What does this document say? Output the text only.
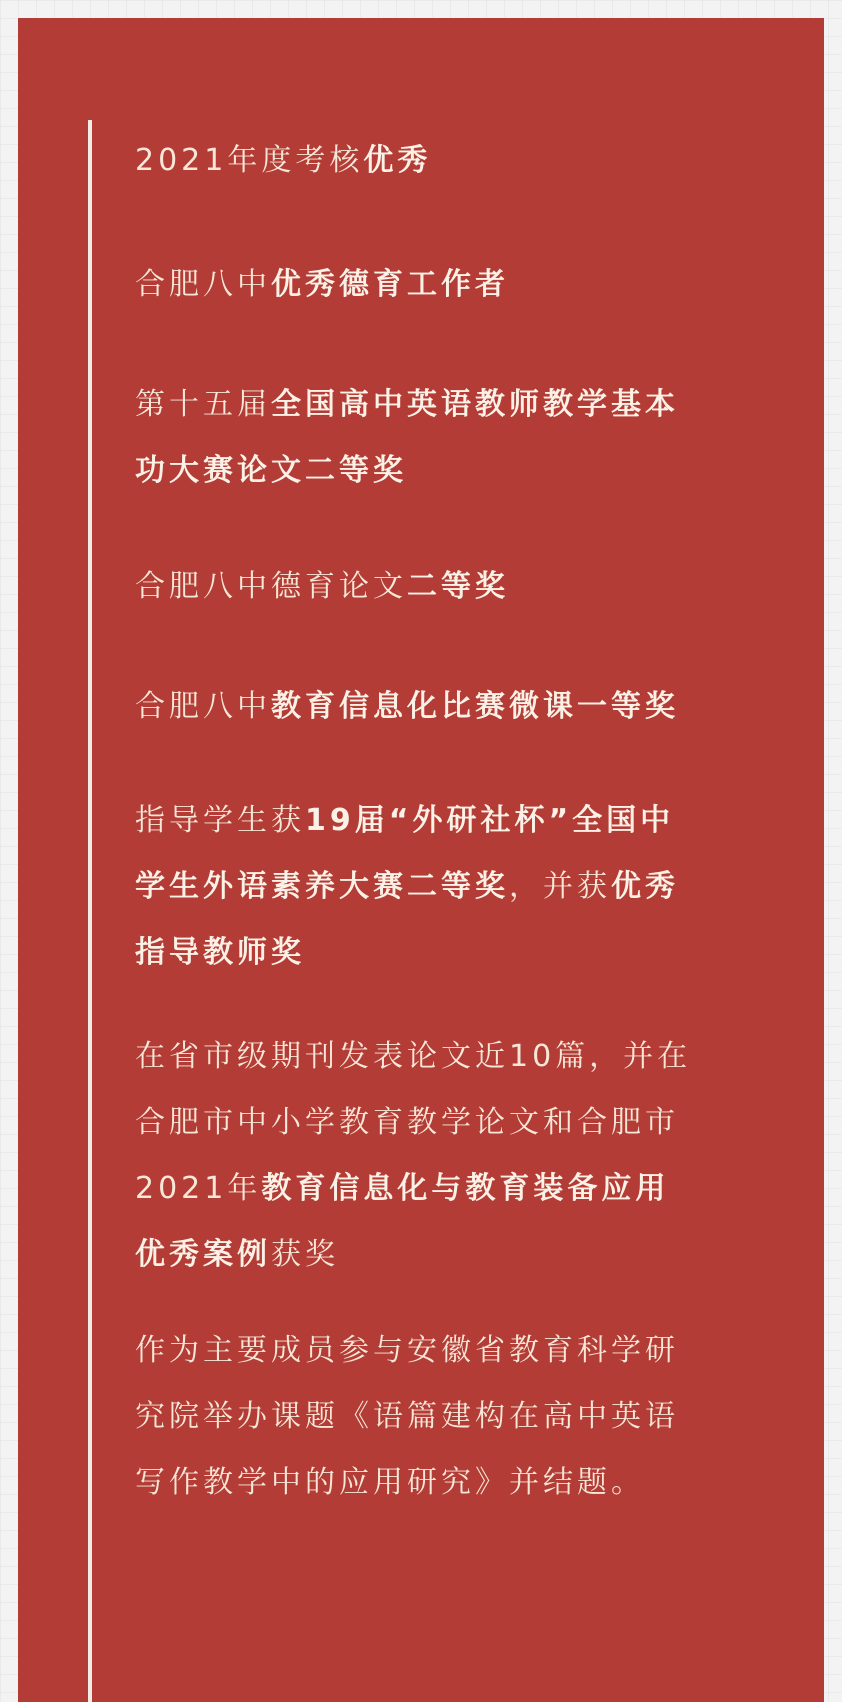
2021年度考核优秀
合肥八中优秀德育工作者
第十五届全国高中英语教师教学基本
功大赛论文二等奖
合肥八中德育论文二等奖
合肥八中教育信息化比赛微课一等奖
指导学生获19届“外研社杯”全国中
学生外语素养大赛二等奖，并获优秀
指导教师奖
在省市级期刊发表论文近10篇，并在
合肥市中小学教育教学论文和合肥市
2021年教育信息化与教育装备应用
优秀案例获奖
作为主要成员参与安徽省教育科学研
究院举办课题《语篇建构在高中英语
写作教学中的应用研究》并结题。
